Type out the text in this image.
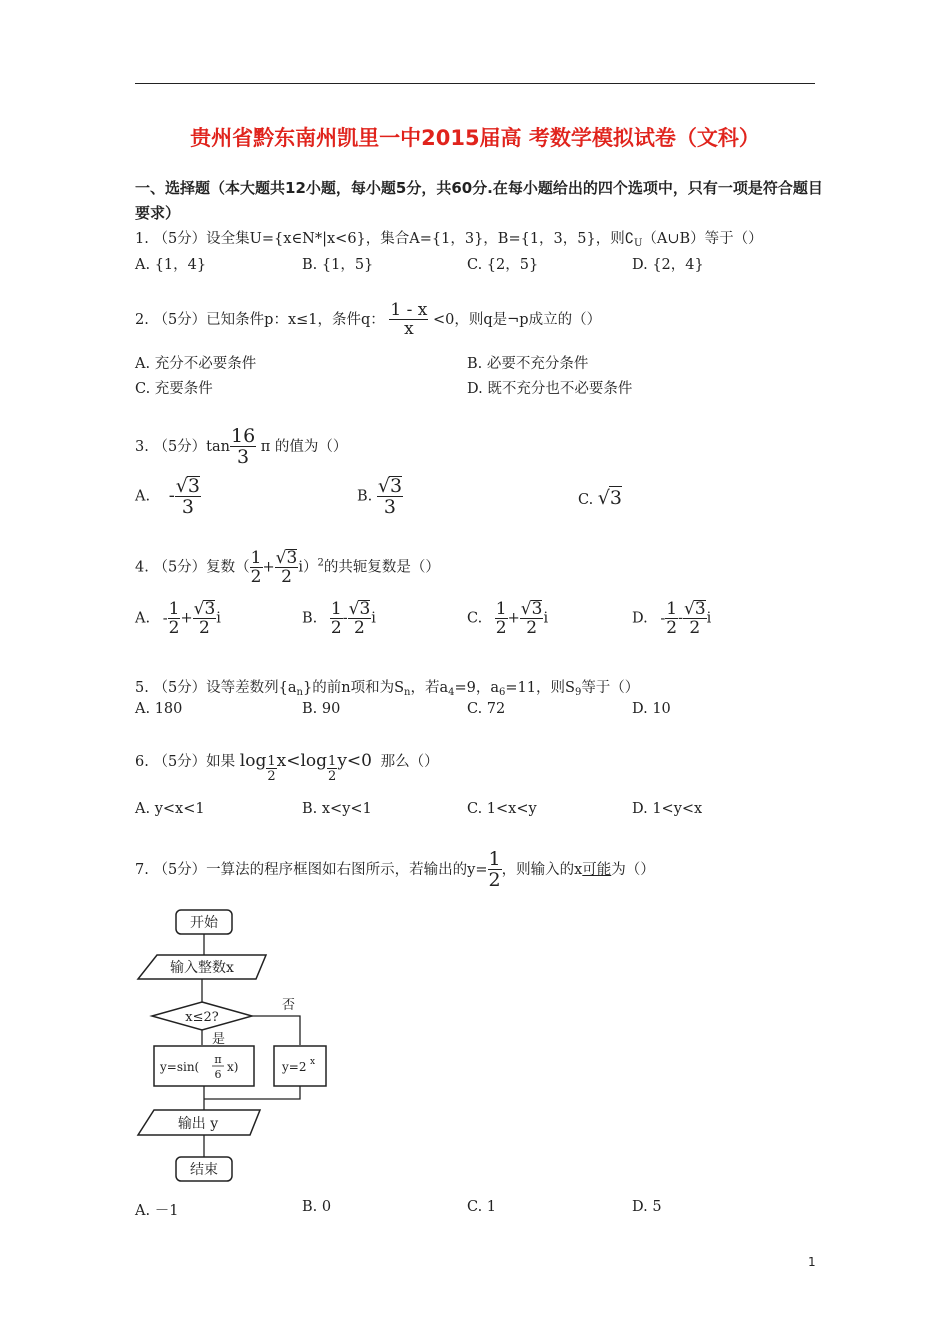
贵州省黔东南州凯里一中2015届高 考数学模拟试卷（文科）
一、选择题（本大题共12小题，每小题5分，共60分.在每小题给出的四个选项中，只有一项是符合题目要求）
1. （5分）设全集U={x∈N*|x<6}，集合A={1，3}，B={1，3，5}，则$∁_U(A\cup B)$等于（）
A. {1，4}	B. {1，5}	C. {2，5}	D. {2，4}
2. （5分）已知条件p：x≤1，条件q： $\frac{1 - x}{x} <0$，则q是¬p成立的（）
A. 充分不必要条件	B. 必要不充分条件
C. 充要条件	D. 既不充分也不必要条件
3. （5分）$\tan \frac{16}{3}$ π 的值为（）
A. - $\frac{√3}{3}$	B. $\frac{√3}{3}$	C. √3
4. （5分）复数（ $\frac{1}{2} + \frac{√3}{2} i)^2$的共轭复数是（）
A. - $\frac{1}{2} + \frac{√3}{2}$ i	B. $\frac{1}{2} - \frac{√3}{2}$ i	C. $\frac{1}{2} + \frac{√3}{2}$ i	D. - $\frac{1}{2} - \frac{√3}{2}$ i
5. （5分）设等差数列$\{a_n\}$的前n项和为$S_n$，若$a_4=9$，$a_6=11$，则$S_9$等于（）
A. 180	B. 90	C. 72	D. 10
6. （5分）如果 $\log \frac{1}{2} x<\log \frac{1}{2} y<0$ 那么（）
A. y<x<1	B. x<y<1	C. 1<x<y	D. 1<y<x
7. （5分）一算法的程序框图如右图所示，若输出的$y= \frac{1}{2}$ ，则输入的x可能为（）
开始
输入整数x
x≤2?
否
是
y=sin(
π
6
x)	y=2 x
输出 y
结束
A. －1	B. 0	C. 1	D. 5
1
